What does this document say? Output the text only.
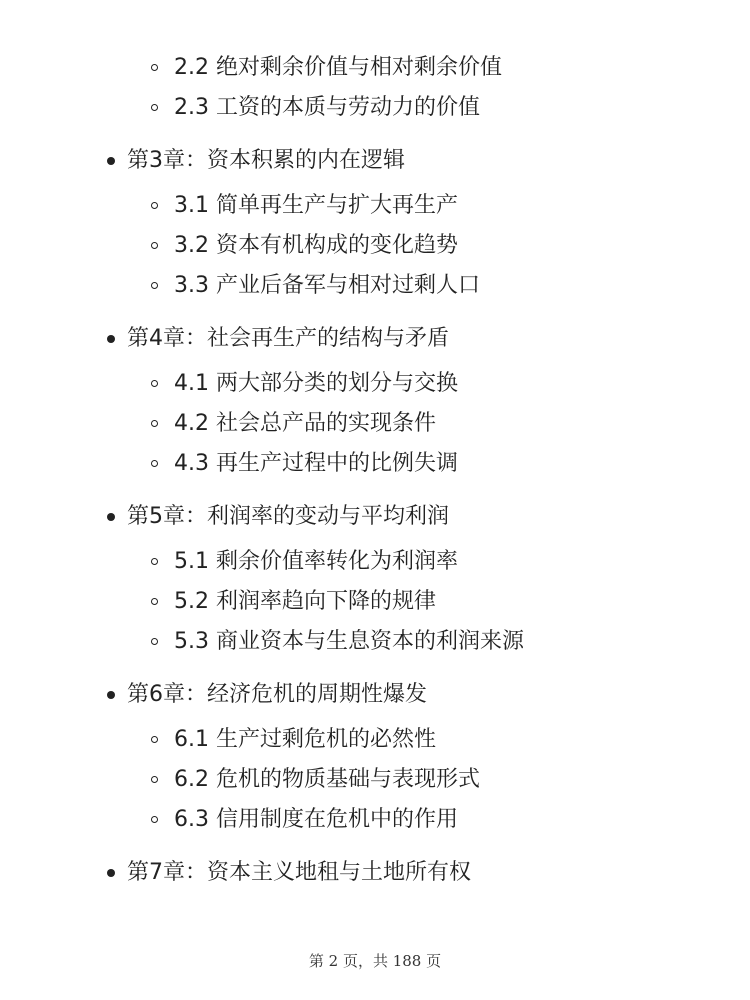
2.2 绝对剩余价值与相对剩余价值
2.3 工资的本质与劳动力的价值
第3章：资本积累的内在逻辑
3.1 简单再生产与扩大再生产
3.2 资本有机构成的变化趋势
3.3 产业后备军与相对过剩人口
第4章：社会再生产的结构与矛盾
4.1 两大部分类的划分与交换
4.2 社会总产品的实现条件
4.3 再生产过程中的比例失调
第5章：利润率的变动与平均利润
5.1 剩余价值率转化为利润率
5.2 利润率趋向下降的规律
5.3 商业资本与生息资本的利润来源
第6章：经济危机的周期性爆发
6.1 生产过剩危机的必然性
6.2 危机的物质基础与表现形式
6.3 信用制度在危机中的作用
第7章：资本主义地租与土地所有权
第 2 页，共 188 页
